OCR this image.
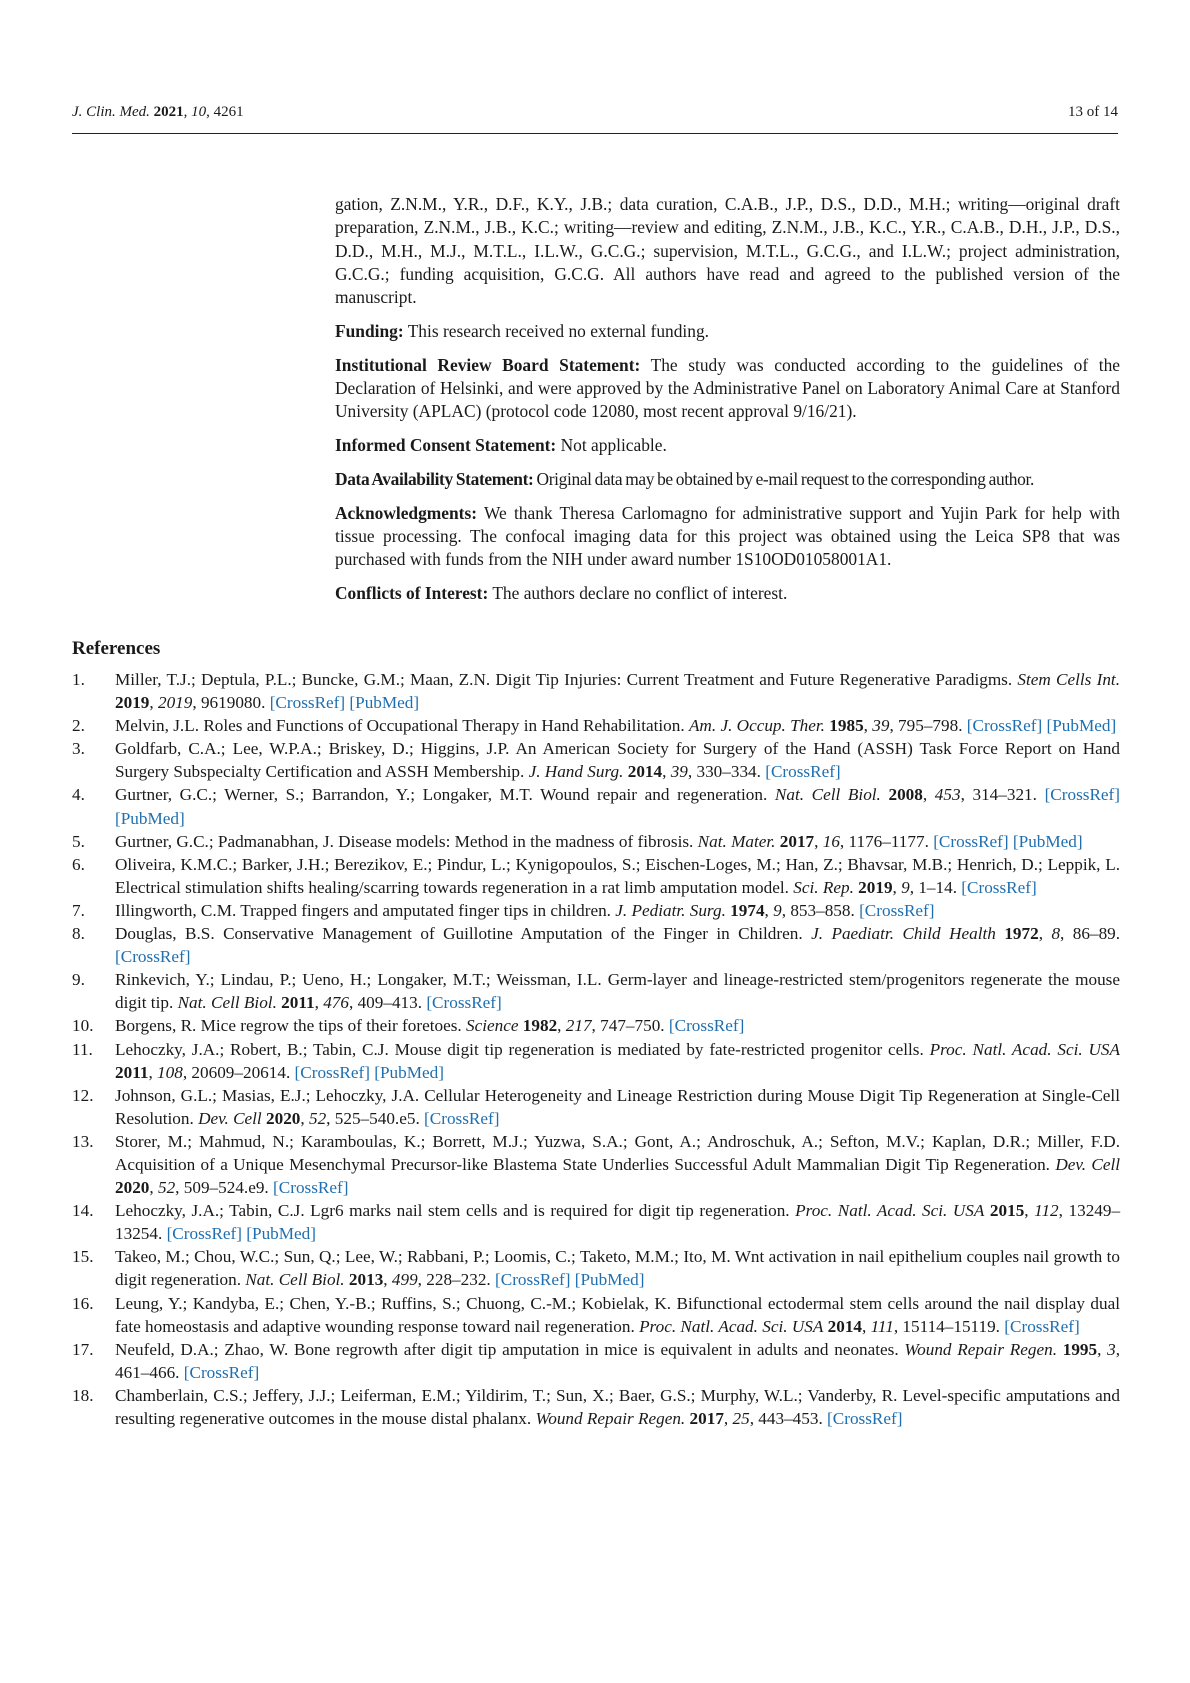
J. Clin. Med. 2021, 10, 4261	13 of 14

gation, Z.N.M., Y.R., D.F., K.Y., J.B.; data curation, C.A.B., J.P., D.S., D.D., M.H.; writing—original draft preparation, Z.N.M., J.B., K.C.; writing—review and editing, Z.N.M., J.B., K.C., Y.R., C.A.B., D.H., J.P., D.S., D.D., M.H., M.J., M.T.L., I.L.W., G.C.G.; supervision, M.T.L., G.C.G., and I.L.W.; project administration, G.C.G.; funding acquisition, G.C.G. All authors have read and agreed to the published version of the manuscript.

Funding: This research received no external funding.

Institutional Review Board Statement: The study was conducted according to the guidelines of the Declaration of Helsinki, and were approved by the Administrative Panel on Laboratory Animal Care at Stanford University (APLAC) (protocol code 12080, most recent approval 9/16/21).

Informed Consent Statement: Not applicable.

Data Availability Statement: Original data may be obtained by e-mail request to the corresponding author.

Acknowledgments: We thank Theresa Carlomagno for administrative support and Yujin Park for help with tissue processing. The confocal imaging data for this project was obtained using the Leica SP8 that was purchased with funds from the NIH under award number 1S10OD01058001A1.

Conflicts of Interest: The authors declare no conflict of interest.

References
1.	Miller, T.J.; Deptula, P.L.; Buncke, G.M.; Maan, Z.N. Digit Tip Injuries: Current Treatment and Future Regenerative Paradigms. Stem Cells Int. 2019, 2019, 9619080. [CrossRef] [PubMed]
2.	Melvin, J.L. Roles and Functions of Occupational Therapy in Hand Rehabilitation. Am. J. Occup. Ther. 1985, 39, 795–798. [CrossRef] [PubMed]
3.	Goldfarb, C.A.; Lee, W.P.A.; Briskey, D.; Higgins, J.P. An American Society for Surgery of the Hand (ASSH) Task Force Report on Hand Surgery Subspecialty Certification and ASSH Membership. J. Hand Surg. 2014, 39, 330–334. [CrossRef]
4.	Gurtner, G.C.; Werner, S.; Barrandon, Y.; Longaker, M.T. Wound repair and regeneration. Nat. Cell Biol. 2008, 453, 314–321. [CrossRef] [PubMed]
5.	Gurtner, G.C.; Padmanabhan, J. Disease models: Method in the madness of fibrosis. Nat. Mater. 2017, 16, 1176–1177. [CrossRef] [PubMed]
6.	Oliveira, K.M.C.; Barker, J.H.; Berezikov, E.; Pindur, L.; Kynigopoulos, S.; Eischen-Loges, M.; Han, Z.; Bhavsar, M.B.; Henrich, D.; Leppik, L. Electrical stimulation shifts healing/scarring towards regeneration in a rat limb amputation model. Sci. Rep. 2019, 9, 1–14. [CrossRef]
7.	Illingworth, C.M. Trapped fingers and amputated finger tips in children. J. Pediatr. Surg. 1974, 9, 853–858. [CrossRef]
8.	Douglas, B.S. Conservative Management of Guillotine Amputation of the Finger in Children. J. Paediatr. Child Health 1972, 8, 86–89. [CrossRef]
9.	Rinkevich, Y.; Lindau, P.; Ueno, H.; Longaker, M.T.; Weissman, I.L. Germ-layer and lineage-restricted stem/progenitors regenerate the mouse digit tip. Nat. Cell Biol. 2011, 476, 409–413. [CrossRef]
10.	Borgens, R. Mice regrow the tips of their foretoes. Science 1982, 217, 747–750. [CrossRef]
11.	Lehoczky, J.A.; Robert, B.; Tabin, C.J. Mouse digit tip regeneration is mediated by fate-restricted progenitor cells. Proc. Natl. Acad. Sci. USA 2011, 108, 20609–20614. [CrossRef] [PubMed]
12.	Johnson, G.L.; Masias, E.J.; Lehoczky, J.A. Cellular Heterogeneity and Lineage Restriction during Mouse Digit Tip Regeneration at Single-Cell Resolution. Dev. Cell 2020, 52, 525–540.e5. [CrossRef]
13.	Storer, M.; Mahmud, N.; Karamboulas, K.; Borrett, M.J.; Yuzwa, S.A.; Gont, A.; Androschuk, A.; Sefton, M.V.; Kaplan, D.R.; Miller, F.D. Acquisition of a Unique Mesenchymal Precursor-like Blastema State Underlies Successful Adult Mammalian Digit Tip Regeneration. Dev. Cell 2020, 52, 509–524.e9. [CrossRef]
14.	Lehoczky, J.A.; Tabin, C.J. Lgr6 marks nail stem cells and is required for digit tip regeneration. Proc. Natl. Acad. Sci. USA 2015, 112, 13249–13254. [CrossRef] [PubMed]
15.	Takeo, M.; Chou, W.C.; Sun, Q.; Lee, W.; Rabbani, P.; Loomis, C.; Taketo, M.M.; Ito, M. Wnt activation in nail epithelium couples nail growth to digit regeneration. Nat. Cell Biol. 2013, 499, 228–232. [CrossRef] [PubMed]
16.	Leung, Y.; Kandyba, E.; Chen, Y.-B.; Ruffins, S.; Chuong, C.-M.; Kobielak, K. Bifunctional ectodermal stem cells around the nail display dual fate homeostasis and adaptive wounding response toward nail regeneration. Proc. Natl. Acad. Sci. USA 2014, 111, 15114–15119. [CrossRef]
17.	Neufeld, D.A.; Zhao, W. Bone regrowth after digit tip amputation in mice is equivalent in adults and neonates. Wound Repair Regen. 1995, 3, 461–466. [CrossRef]
18.	Chamberlain, C.S.; Jeffery, J.J.; Leiferman, E.M.; Yildirim, T.; Sun, X.; Baer, G.S.; Murphy, W.L.; Vanderby, R. Level-specific amputations and resulting regenerative outcomes in the mouse distal phalanx. Wound Repair Regen. 2017, 25, 443–453. [CrossRef]
